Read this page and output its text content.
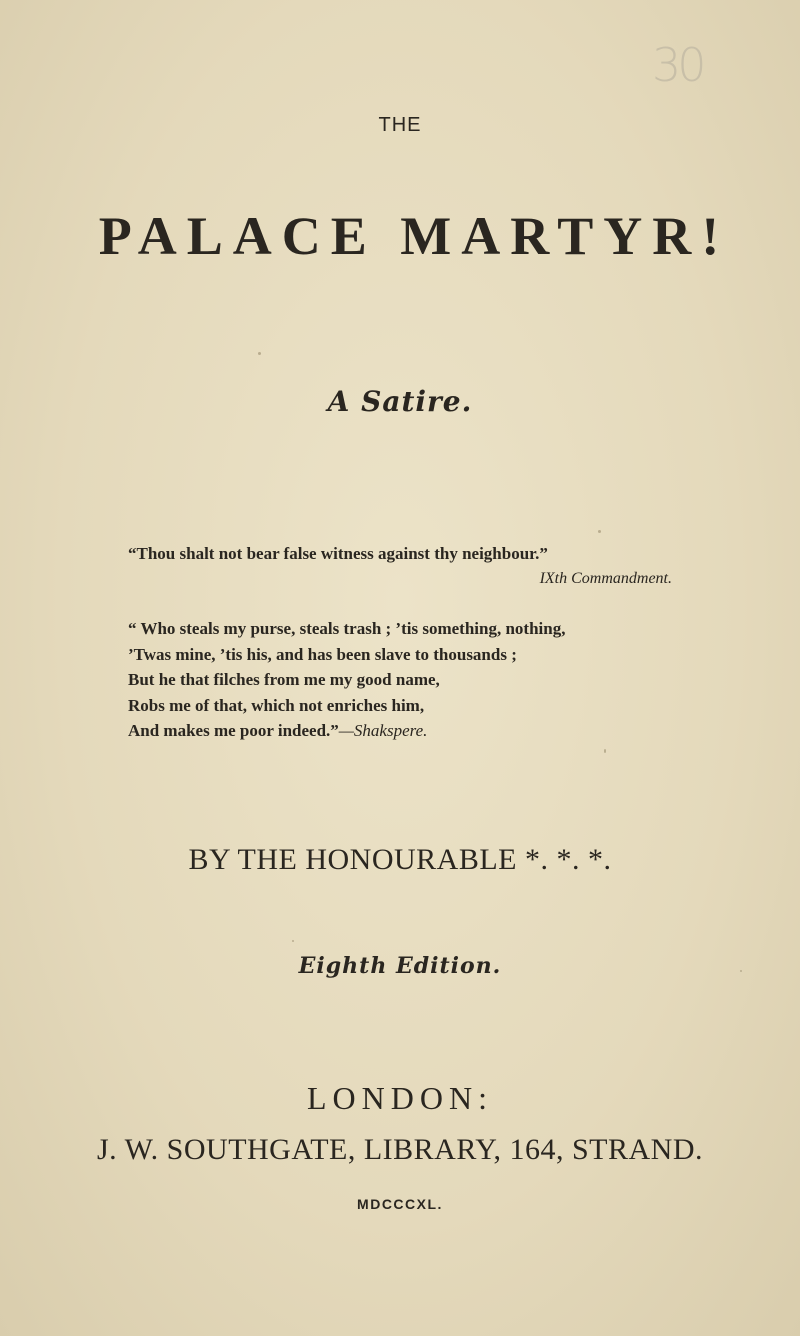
30
THE
PALACE MARTYR!
A Satire.
“Thou shalt not bear false witness against thy neighbour.”
IXth Commandment.
“ Who steals my purse, steals trash ; ’tis something, nothing,
’Twas mine, ’tis his, and has been slave to thousands ;
But he that filches from me my good name,
Robs me of that, which not enriches him,
And makes me poor indeed.”—Shakspere.
BY THE HONOURABLE *. *. *.
Eighth Edition.
LONDON:
J. W. SOUTHGATE, LIBRARY, 164, STRAND.
MDCCCXL.
